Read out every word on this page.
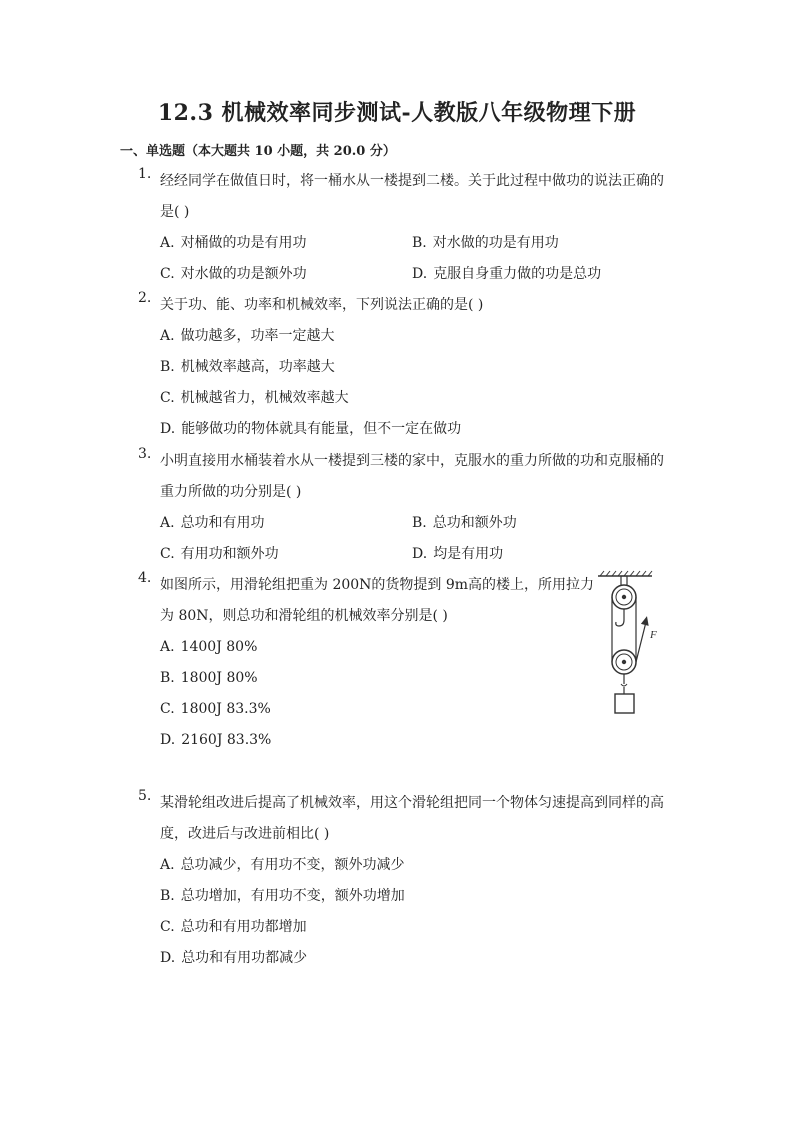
12.3 机械效率同步测试-人教版八年级物理下册
一、单选题（本大题共 10 小题，共 20.0 分）
1. 经经同学在做值日时，将一桶水从一楼提到二楼。关于此过程中做功的说法正确的
是( )
A. 对桶做的功是有用功	B. 对水做的功是有用功
C. 对水做的功是额外功	D. 克服自身重力做的功是总功
2. 关于功、能、功率和机械效率，下列说法正确的是( )
A. 做功越多，功率一定越大
B. 机械效率越高，功率越大
C. 机械越省力，机械效率越大
D. 能够做功的物体就具有能量，但不一定在做功
3. 小明直接用水桶装着水从一楼提到三楼的家中，克服水的重力所做的功和克服桶的
重力所做的功分别是( )
A. 总功和有用功	B. 总功和额外功
C. 有用功和额外功	D. 均是有用功
4. 如图所示，用滑轮组把重为 200N的货物提到 9m高的楼上，所用拉力
为 80N，则总功和滑轮组的机械效率分别是( )
A. 1400J 80%
B. 1800J 80%
C. 1800J 83.3%
D. 2160J 83.3%
F
5. 某滑轮组改进后提高了机械效率，用这个滑轮组把同一个物体匀速提高到同样的高
度，改进后与改进前相比( )
A. 总功减少，有用功不变，额外功减少
B. 总功增加，有用功不变，额外功增加
C. 总功和有用功都增加
D. 总功和有用功都减少
